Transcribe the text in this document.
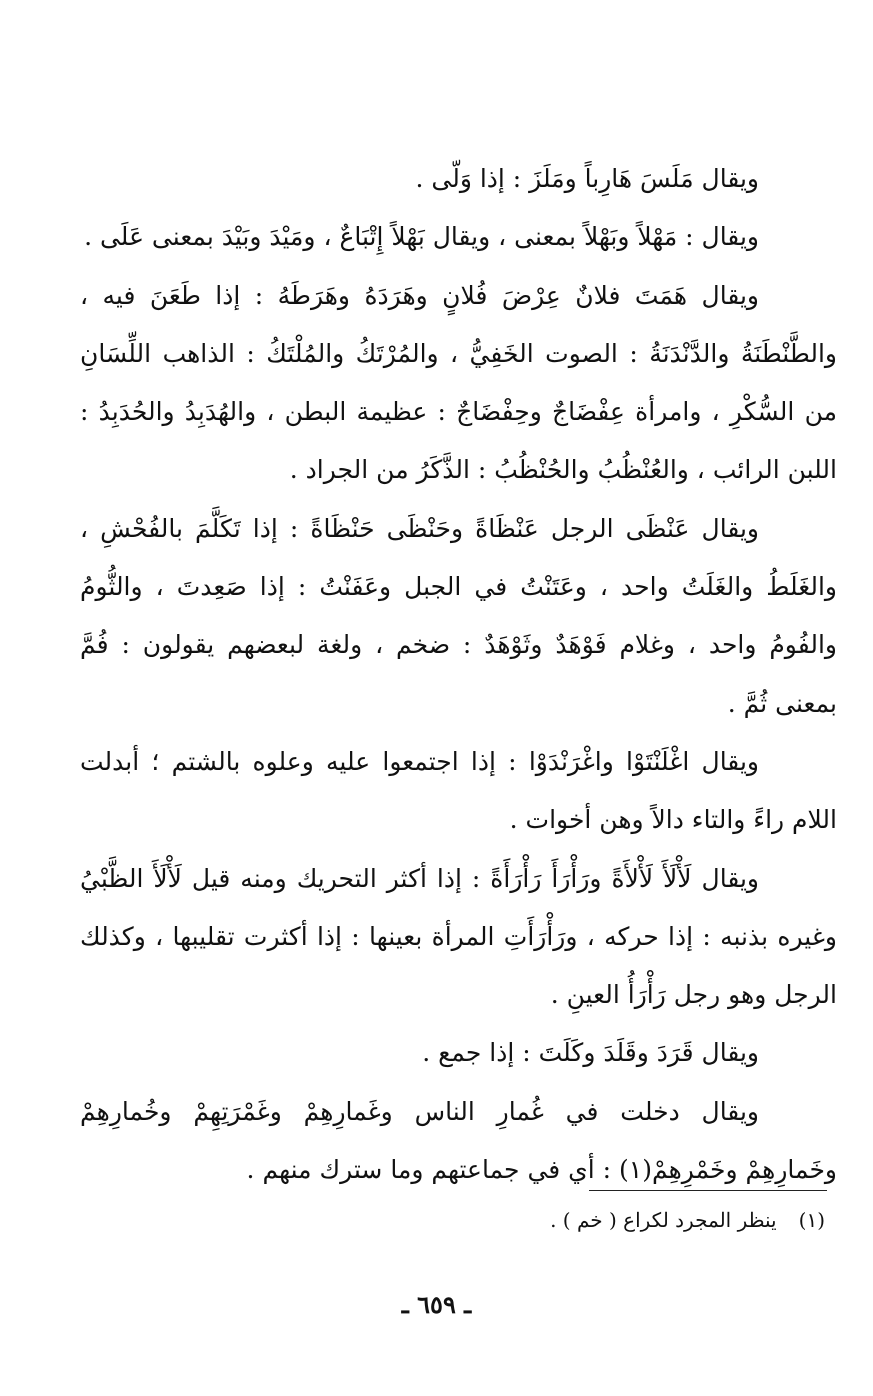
ويقال مَلَسَ هَارِباً ومَلَزَ : إذا وَلّى .

ويقال : مَهْلاً وبَهْلاً بمعنى ، ويقال بَهْلاً إِتْبَاعٌ ، ومَيْدَ وبَيْدَ بمعنى عَلَى .

ويقال هَمَتَ فلانٌ عِرْضَ فُلانٍ وهَرَدَهُ وهَرَطَهُ : إذا طَعَنَ فيه ، والطَّنْطَنَةُ والدَّنْدَنَةُ : الصوت الخَفِيُّ ، والمُرْتَكُ والمُلْتَكُ : الذاهب اللِّسَانِ من السُّكْرِ ، وامرأة عِفْضَاجٌ وحِفْضَاجٌ : عظيمة البطن ، والهُدَبِدُ والحُدَبِدُ : اللبن الرائب ، والعُنْظُبُ والحُنْظُبُ : الذَّكَرُ من الجراد .

ويقال عَنْظَى الرجل عَنْظَاةً وحَنْظَى حَنْظَاةً : إذا تَكَلَّمَ بالفُحْشِ ، والغَلَطُ والغَلَتُ واحد ، وعَتَنْتُ في الجبل وعَفَنْتُ : إذا صَعِدتَ ، والثُّومُ والفُومُ واحد ، وغلام فَوْهَدٌ وثَوْهَدٌ : ضخم ، ولغة لبعضهم يقولون : فُمَّ بمعنى ثُمَّ .

ويقال اغْلَنْتَوْا واغْرَنْدَوْا : إذا اجتمعوا عليه وعلوه بالشتم ؛ أبدلت اللام راءً والتاء دالاً وهن أخوات .

ويقال لَأْلَأَ لَأْلأَةً ورَأْرَأَ رَأْرَأَةً : إذا أكثر التحريك ومنه قيل لَأْلَأَ الظَّبْيُ وغيره بذنبه : إذا حركه ، ورَأْرَأَتِ المرأة بعينها : إذا أكثرت تقليبها ، وكذلك الرجل وهو رجل رَأْرَأُ العينِ .

ويقال قَرَدَ وقَلَدَ وكَلَتَ : إذا جمع .

ويقال دخلت في غُمارِ الناس وغَمارِهِمْ وغَمْرَتِهِمْ وخُمارِهِمْ وخَمارِهِمْ وخَمْرِهِمْ(١) : أي في جماعتهم وما سترك منهم .

(١)ينظر المجرد لكراع ( خم ) .
ـ ٦٥٩ ـ
